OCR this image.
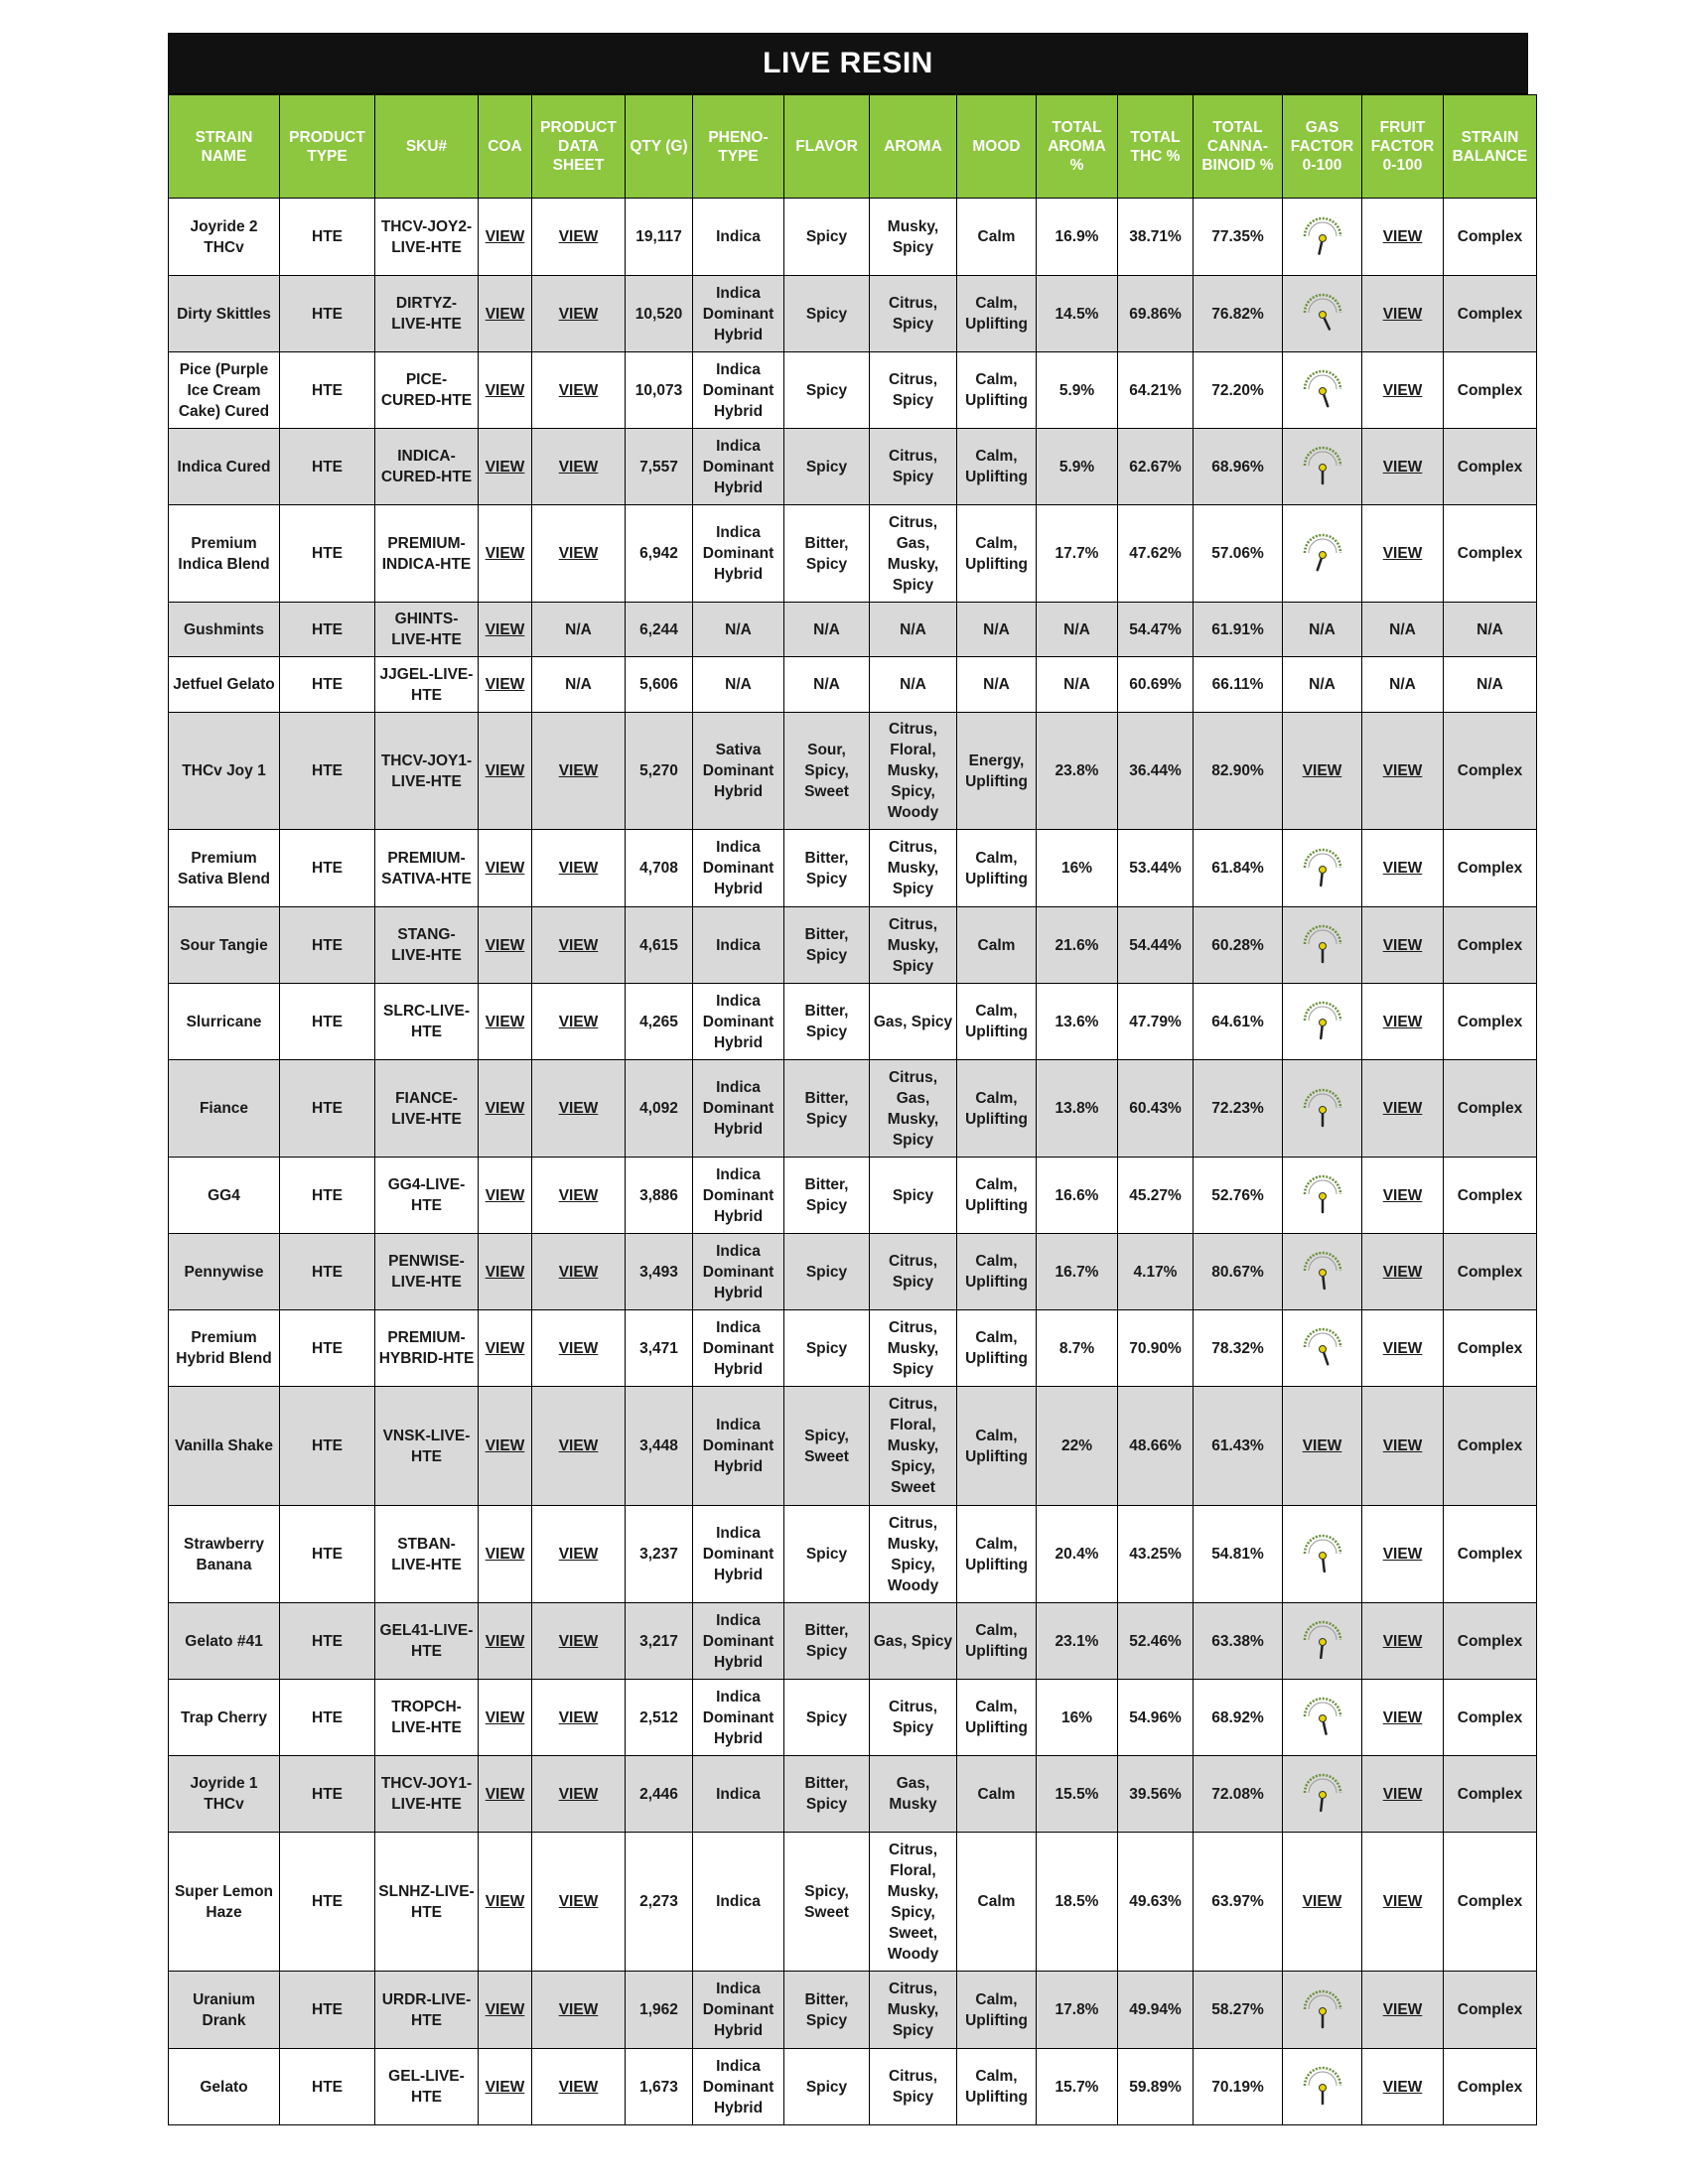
LIVE RESIN
STRAIN NAME	PRODUCT TYPE	SKU#	COA	PRODUCT DATA SHEET	QTY (G)	PHENO-TYPE	FLAVOR	AROMA	MOOD	TOTAL AROMA %	TOTAL THC %	TOTAL CANNA-BINOID %	GAS FACTOR 0-100	FRUIT FACTOR 0-100	STRAIN BALANCE
Joyride 2 THCv	HTE	THCV-JOY2-LIVE-HTE	VIEW	VIEW	19,117	Indica	Spicy	Musky, Spicy	Calm	16.9%	38.71%	77.35%		VIEW	Complex
Dirty Skittles	HTE	DIRTYZ-LIVE-HTE	VIEW	VIEW	10,520	Indica Dominant Hybrid	Spicy	Citrus, Spicy	Calm, Uplifting	14.5%	69.86%	76.82%		VIEW	Complex
Pice (Purple Ice Cream Cake) Cured	HTE	PICE-CURED-HTE	VIEW	VIEW	10,073	Indica Dominant Hybrid	Spicy	Citrus, Spicy	Calm, Uplifting	5.9%	64.21%	72.20%		VIEW	Complex
Indica Cured	HTE	INDICA-CURED-HTE	VIEW	VIEW	7,557	Indica Dominant Hybrid	Spicy	Citrus, Spicy	Calm, Uplifting	5.9%	62.67%	68.96%		VIEW	Complex
Premium Indica Blend	HTE	PREMIUM-INDICA-HTE	VIEW	VIEW	6,942	Indica Dominant Hybrid	Bitter, Spicy	Citrus, Gas, Musky, Spicy	Calm, Uplifting	17.7%	47.62%	57.06%		VIEW	Complex
Gushmints	HTE	GHINTS-LIVE-HTE	VIEW	N/A	6,244	N/A	N/A	N/A	N/A	N/A	54.47%	61.91%	N/A	N/A	N/A
Jetfuel Gelato	HTE	JJGEL-LIVE-HTE	VIEW	N/A	5,606	N/A	N/A	N/A	N/A	N/A	60.69%	66.11%	N/A	N/A	N/A
THCv Joy 1	HTE	THCV-JOY1-LIVE-HTE	VIEW	VIEW	5,270	Sativa Dominant Hybrid	Sour, Spicy, Sweet	Citrus, Floral, Musky, Spicy, Woody	Energy, Uplifting	23.8%	36.44%	82.90%	VIEW	VIEW	Complex
Premium Sativa Blend	HTE	PREMIUM-SATIVA-HTE	VIEW	VIEW	4,708	Indica Dominant Hybrid	Bitter, Spicy	Citrus, Musky, Spicy	Calm, Uplifting	16%	53.44%	61.84%		VIEW	Complex
Sour Tangie	HTE	STANG-LIVE-HTE	VIEW	VIEW	4,615	Indica	Bitter, Spicy	Citrus, Musky, Spicy	Calm	21.6%	54.44%	60.28%		VIEW	Complex
Slurricane	HTE	SLRC-LIVE-HTE	VIEW	VIEW	4,265	Indica Dominant Hybrid	Bitter, Spicy	Gas, Spicy	Calm, Uplifting	13.6%	47.79%	64.61%		VIEW	Complex
Fiance	HTE	FIANCE-LIVE-HTE	VIEW	VIEW	4,092	Indica Dominant Hybrid	Bitter, Spicy	Citrus, Gas, Musky, Spicy	Calm, Uplifting	13.8%	60.43%	72.23%		VIEW	Complex
GG4	HTE	GG4-LIVE-HTE	VIEW	VIEW	3,886	Indica Dominant Hybrid	Bitter, Spicy	Spicy	Calm, Uplifting	16.6%	45.27%	52.76%		VIEW	Complex
Pennywise	HTE	PENWISE-LIVE-HTE	VIEW	VIEW	3,493	Indica Dominant Hybrid	Spicy	Citrus, Spicy	Calm, Uplifting	16.7%	4.17%	80.67%		VIEW	Complex
Premium Hybrid Blend	HTE	PREMIUM-HYBRID-HTE	VIEW	VIEW	3,471	Indica Dominant Hybrid	Spicy	Citrus, Musky, Spicy	Calm, Uplifting	8.7%	70.90%	78.32%		VIEW	Complex
Vanilla Shake	HTE	VNSK-LIVE-HTE	VIEW	VIEW	3,448	Indica Dominant Hybrid	Spicy, Sweet	Citrus, Floral, Musky, Spicy, Sweet	Calm, Uplifting	22%	48.66%	61.43%	VIEW	VIEW	Complex
Strawberry Banana	HTE	STBAN-LIVE-HTE	VIEW	VIEW	3,237	Indica Dominant Hybrid	Spicy	Citrus, Musky, Spicy, Woody	Calm, Uplifting	20.4%	43.25%	54.81%		VIEW	Complex
Gelato #41	HTE	GEL41-LIVE-HTE	VIEW	VIEW	3,217	Indica Dominant Hybrid	Bitter, Spicy	Gas, Spicy	Calm, Uplifting	23.1%	52.46%	63.38%		VIEW	Complex
Trap Cherry	HTE	TROPCH-LIVE-HTE	VIEW	VIEW	2,512	Indica Dominant Hybrid	Spicy	Citrus, Spicy	Calm, Uplifting	16%	54.96%	68.92%		VIEW	Complex
Joyride 1 THCv	HTE	THCV-JOY1-LIVE-HTE	VIEW	VIEW	2,446	Indica	Bitter, Spicy	Gas, Musky	Calm	15.5%	39.56%	72.08%		VIEW	Complex
Super Lemon Haze	HTE	SLNHZ-LIVE-HTE	VIEW	VIEW	2,273	Indica	Spicy, Sweet	Citrus, Floral, Musky, Spicy, Sweet, Woody	Calm	18.5%	49.63%	63.97%	VIEW	VIEW	Complex
Uranium Drank	HTE	URDR-LIVE-HTE	VIEW	VIEW	1,962	Indica Dominant Hybrid	Bitter, Spicy	Citrus, Musky, Spicy	Calm, Uplifting	17.8%	49.94%	58.27%		VIEW	Complex
Gelato	HTE	GEL-LIVE-HTE	VIEW	VIEW	1,673	Indica Dominant Hybrid	Spicy	Citrus, Spicy	Calm, Uplifting	15.7%	59.89%	70.19%		VIEW	Complex
